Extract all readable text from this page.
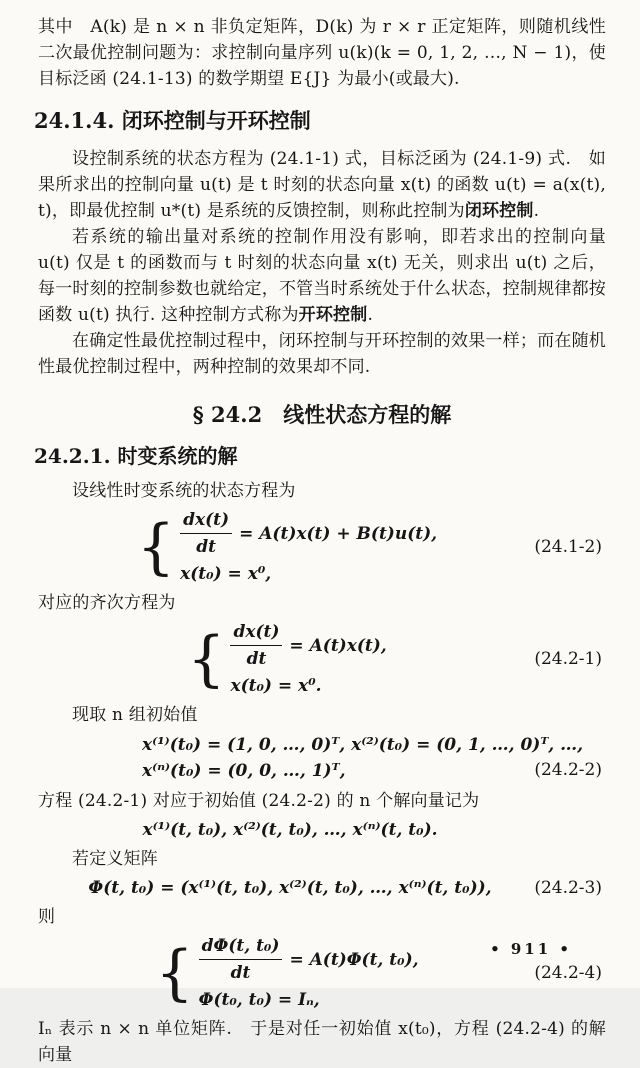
其中　A(k) 是 n × n 非负定矩阵，D(k) 为 r × r 正定矩阵，则随机线性二次最优控制问题为：求控制向量序列 u(k)(k = 0, 1, 2, …, N − 1)，使目标泛函 (24.1-13) 的数学期望 E{J} 为最小(或最大).

24.1.4. 闭环控制与开环控制

设控制系统的状态方程为 (24.1-1) 式，目标泛函为 (24.1-9) 式.　如果所求出的控制向量 u(t) 是 t 时刻的状态向量 x(t) 的函数 u(t) = a(x(t), t)，即最优控制 u*(t) 是系统的反馈控制，则称此控制为闭环控制.

若系统的输出量对系统的控制作用没有影响，即若求出的控制向量 u(t) 仅是 t 的函数而与 t 时刻的状态向量 x(t) 无关，则求出 u(t) 之后，每一时刻的控制参数也就给定，不管当时系统处于什么状态，控制规律都按函数 u(t) 执行. 这种控制方式称为开环控制.

在确定性最优控制过程中，闭环控制与开环控制的效果一样；而在随机性最优控制过程中，两种控制的效果却不同.

§ 24.2　线性状态方程的解
24.2.1. 时变系统的解

设线性时变系统的状态方程为

{ $\frac{dx(t)}{dt} = A(t)x(t) + B(t)u(t)$,
x(t₀) = x⁰,
(24.1-2)

对应的齐次方程为

{ $\frac{dx(t)}{dt} = A(t)x(t)$,
x(t₀) = x⁰.
(24.2-1)

现取 n 组初始值

x⁽¹⁾(t₀) = (1, 0, …, 0)ᵀ, x⁽²⁾(t₀) = (0, 1, …, 0)ᵀ, …,
x⁽ⁿ⁾(t₀) = (0, 0, …, 1)ᵀ,	(24.2-2)

方程 (24.2-1) 对应于初始值 (24.2-2) 的 n 个解向量记为

x⁽¹⁾(t, t₀), x⁽²⁾(t, t₀), …, x⁽ⁿ⁾(t, t₀).

若定义矩阵

Φ(t, t₀) = (x⁽¹⁾(t, t₀), x⁽²⁾(t, t₀), …, x⁽ⁿ⁾(t, t₀)),	(24.2-3)

则

{ $\frac{\text{dΦ(t, t₀)}}{dt} = A(t)\Phi(t$, t₀),
Φ(t₀, t₀) = Iₙ,
(24.2-4)

Iₙ 表示 n × n 单位矩阵.　于是对任一初始值 x(t₀)，方程 (24.2-4) 的解向量

• 911 •
